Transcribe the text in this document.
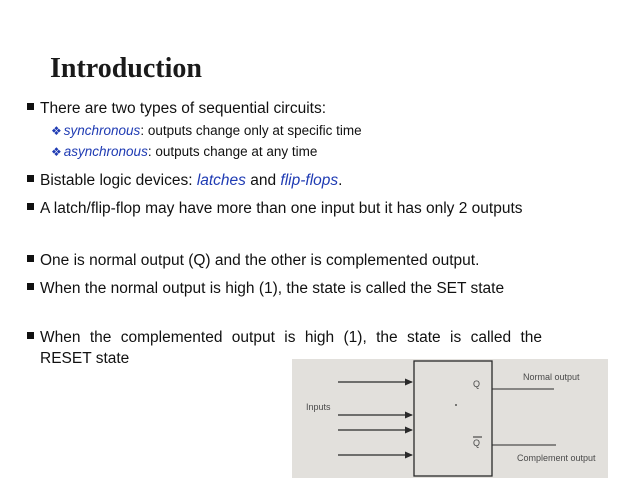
Introduction
There are two types of sequential circuits:
❖ synchronous: outputs change only at specific time
❖ asynchronous: outputs change at any time
Bistable logic devices: latches and flip-flops.
A latch/flip-flop may have more than one input but it has only 2 outputs
One is normal output (Q) and the other is complemented output.
When the normal output is high (1), the state is called the SET state
When the complemented output is high (1), the state is called the RESET state
Inputs
Q
Q
Normal output
Complement output
